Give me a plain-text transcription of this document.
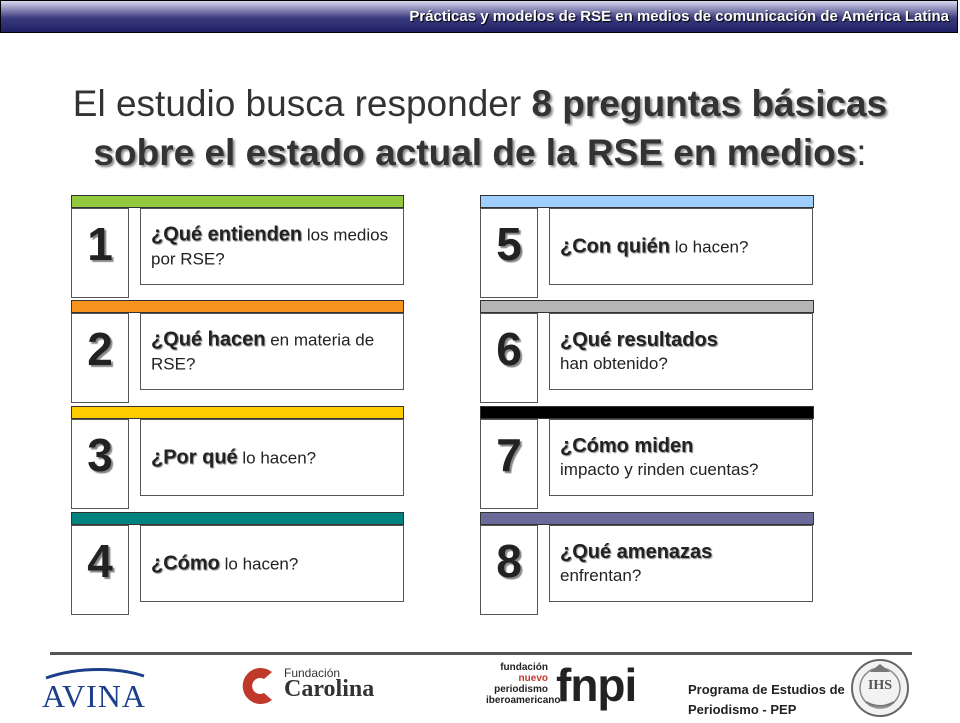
Prácticas y modelos de RSE en medios de comunicación de América Latina
El estudio busca responder 8 preguntas básicas
sobre el estado actual de la RSE en medios:
1	¿Qué entienden los medios por RSE?
2	¿Qué hacen en materia de RSE?
3	¿Por qué lo hacen?
4	¿Cómo lo hacen?
5	¿Con quién lo hacen?
6	¿Qué resultados
han obtenido?
7	¿Cómo miden
impacto y rinden cuentas?
8	¿Qué amenazas
enfrentan?
AVINA
Fundación
Carolina
fundación
nuevo
periodismo
iberoamericano
fnpi	Programa de Estudios de
Periodismo - PEP
IHS
